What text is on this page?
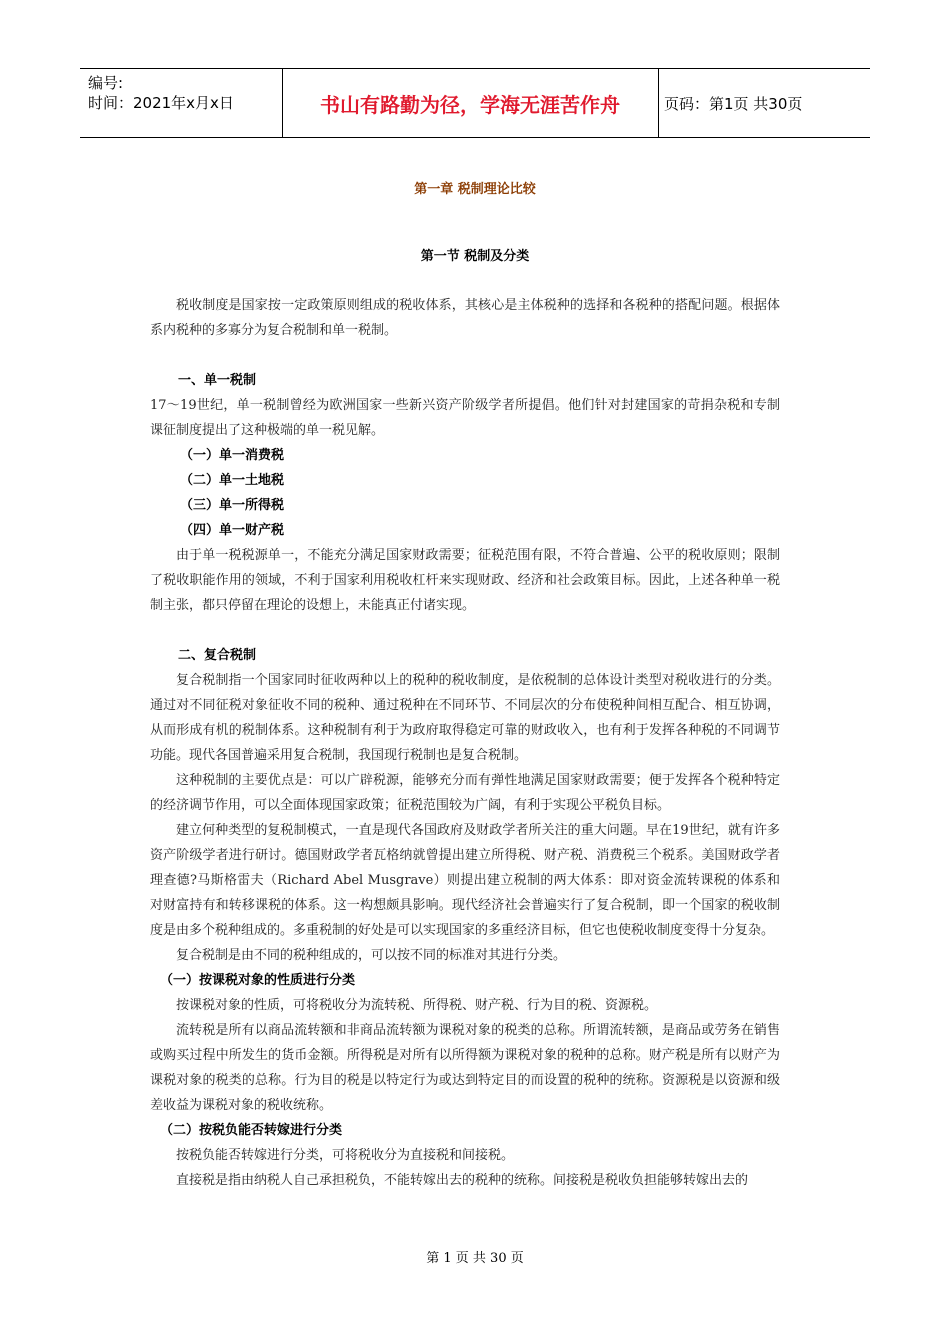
编号:
时间：2021年x月x日	书山有路勤为径，学海无涯苦作舟	页码：第1页 共30页
第一章 税制理论比较
第一节 税制及分类

税收制度是国家按一定政策原则组成的税收体系，其核心是主体税种的选择和各税种的搭配问题。根据体系内税种的多寡分为复合税制和单一税制。

一、单一税制

17～19世纪，单一税制曾经为欧洲国家一些新兴资产阶级学者所提倡。他们针对封建国家的苛捐杂税和专制课征制度提出了这种极端的单一税见解。

（一）单一消费税
（二）单一土地税
（三）单一所得税
（四）单一财产税

由于单一税税源单一，不能充分满足国家财政需要；征税范围有限，不符合普遍、公平的税收原则；限制了税收职能作用的领域，不利于国家利用税收杠杆来实现财政、经济和社会政策目标。因此，上述各种单一税制主张，都只停留在理论的设想上，未能真正付诸实现。

二、复合税制

复合税制指一个国家同时征收两种以上的税种的税收制度，是依税制的总体设计类型对税收进行的分类。通过对不同征税对象征收不同的税种、通过税种在不同环节、不同层次的分布使税种间相互配合、相互协调，从而形成有机的税制体系。这种税制有利于为政府取得稳定可靠的财政收入，也有利于发挥各种税的不同调节功能。现代各国普遍采用复合税制，我国现行税制也是复合税制。

这种税制的主要优点是：可以广辟税源，能够充分而有弹性地满足国家财政需要；便于发挥各个税种特定的经济调节作用，可以全面体现国家政策；征税范围较为广阔，有利于实现公平税负目标。

建立何种类型的复税制模式，一直是现代各国政府及财政学者所关注的重大问题。早在19世纪，就有许多资产阶级学者进行研讨。德国财政学者瓦格纳就曾提出建立所得税、财产税、消费税三个税系。美国财政学者理查德?马斯格雷夫（Richard Abel Musgrave）则提出建立税制的两大体系：即对资金流转课税的体系和对财富持有和转移课税的体系。这一构想颇具影响。现代经济社会普遍实行了复合税制，即一个国家的税收制度是由多个税种组成的。多重税制的好处是可以实现国家的多重经济目标，但它也使税收制度变得十分复杂。

复合税制是由不同的税种组成的，可以按不同的标准对其进行分类。

（一）按课税对象的性质进行分类

按课税对象的性质，可将税收分为流转税、所得税、财产税、行为目的税、资源税。

流转税是所有以商品流转额和非商品流转额为课税对象的税类的总称。所谓流转额，是商品或劳务在销售或购买过程中所发生的货币金额。所得税是对所有以所得额为课税对象的税种的总称。财产税是所有以财产为课税对象的税类的总称。行为目的税是以特定行为或达到特定目的而设置的税种的统称。资源税是以资源和级差收益为课税对象的税收统称。

（二）按税负能否转嫁进行分类

按税负能否转嫁进行分类，可将税收分为直接税和间接税。

直接税是指由纳税人自己承担税负，不能转嫁出去的税种的统称。间接税是税收负担能够转嫁出去的

第 1 页 共 30 页
